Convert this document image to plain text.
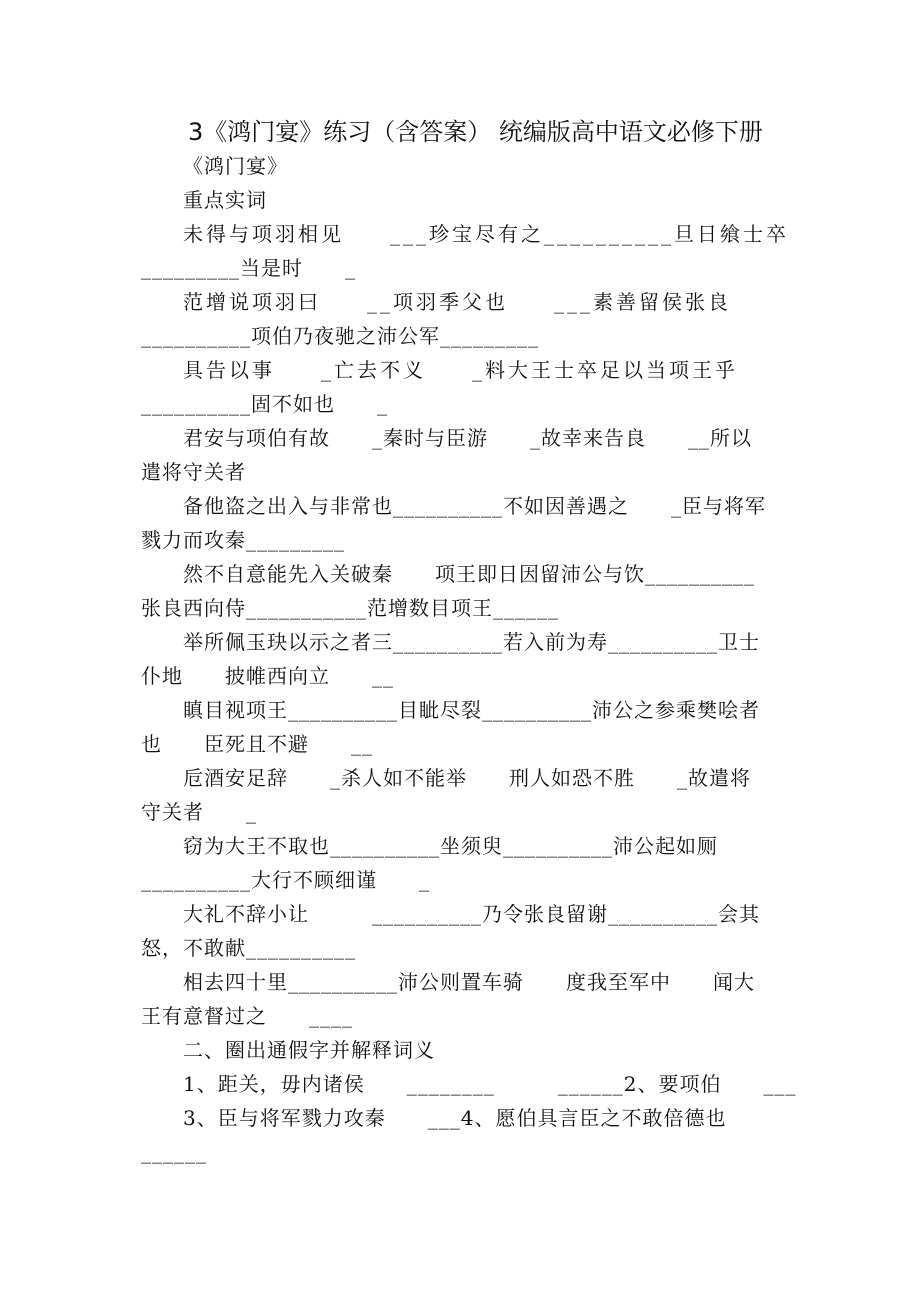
3《鸿门宴》练习（含答案） 统编版高中语文必修下册

《鸿门宴》

重点实词

未得与项羽相见　　___珍宝尽有之__________旦日飨士卒

_________当是时　　_

范增说项羽曰　　__项羽季父也　　___素善留侯张良

__________项伯乃夜驰之沛公军_________

具告以事　　_亡去不义　　_料大王士卒足以当项王乎

__________固不如也　　_

君安与项伯有故　　_秦时与臣游　　_故幸来告良　　__所以

遣将守关者

备他盗之出入与非常也__________不如因善遇之　　_臣与将军

戮力而攻秦_________

然不自意能先入关破秦　　项王即日因留沛公与饮__________

张良西向侍___________范增数目项王______

举所佩玉玦以示之者三__________若入前为寿__________卫士

仆地　　披帷西向立　　__

瞋目视项王__________目眦尽裂__________沛公之参乘樊哙者

也　　臣死且不避　　__

卮酒安足辞　　_杀人如不能举　　刑人如恐不胜　　_故遣将

守关者　　_

窃为大王不取也__________坐须臾__________沛公起如厕

__________大行不顾细谨　　_

大礼不辞小让　　　__________乃令张良留谢__________会其

怒，不敢献__________

相去四十里__________沛公则置车骑　　度我至军中　　闻大

王有意督过之　　____

二、圈出通假字并解释词义

1、距关，毋内诸侯　　________　　　______2、要项伯　　___

3、臣与将军戮力攻秦　　___4、愿伯具言臣之不敢倍德也

______
